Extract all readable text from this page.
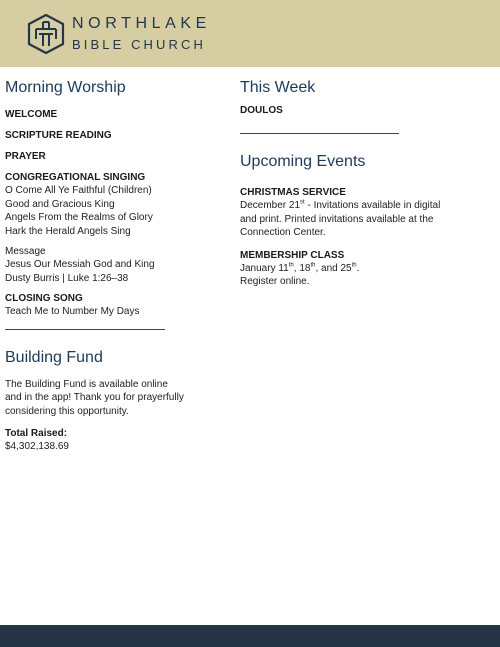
NORTHLAKE
BIBLE CHURCH
Morning Worship
WELCOME
SCRIPTURE READING
PRAYER
CONGREGATIONAL SINGING
O Come All Ye Faithful (Children)
Good and Gracious King
Angels From the Realms of Glory
Hark the Herald Angels Sing
Message
Jesus Our Messiah God and King
Dusty Burris | Luke 1:26–38
CLOSING SONG
Teach Me to Number My Days
Building Fund
The Building Fund is available online
and in the app! Thank you for prayerfully
considering this opportunity.
Total Raised:
$4,302,138.69
This Week
DOULOS
Upcoming Events
CHRISTMAS SERVICE
December 21st - Invitations available in digital
and print. Printed invitations available at the
Connection Center.
MEMBERSHIP CLASS
January 11th, 18th, and 25th.
Register online.
